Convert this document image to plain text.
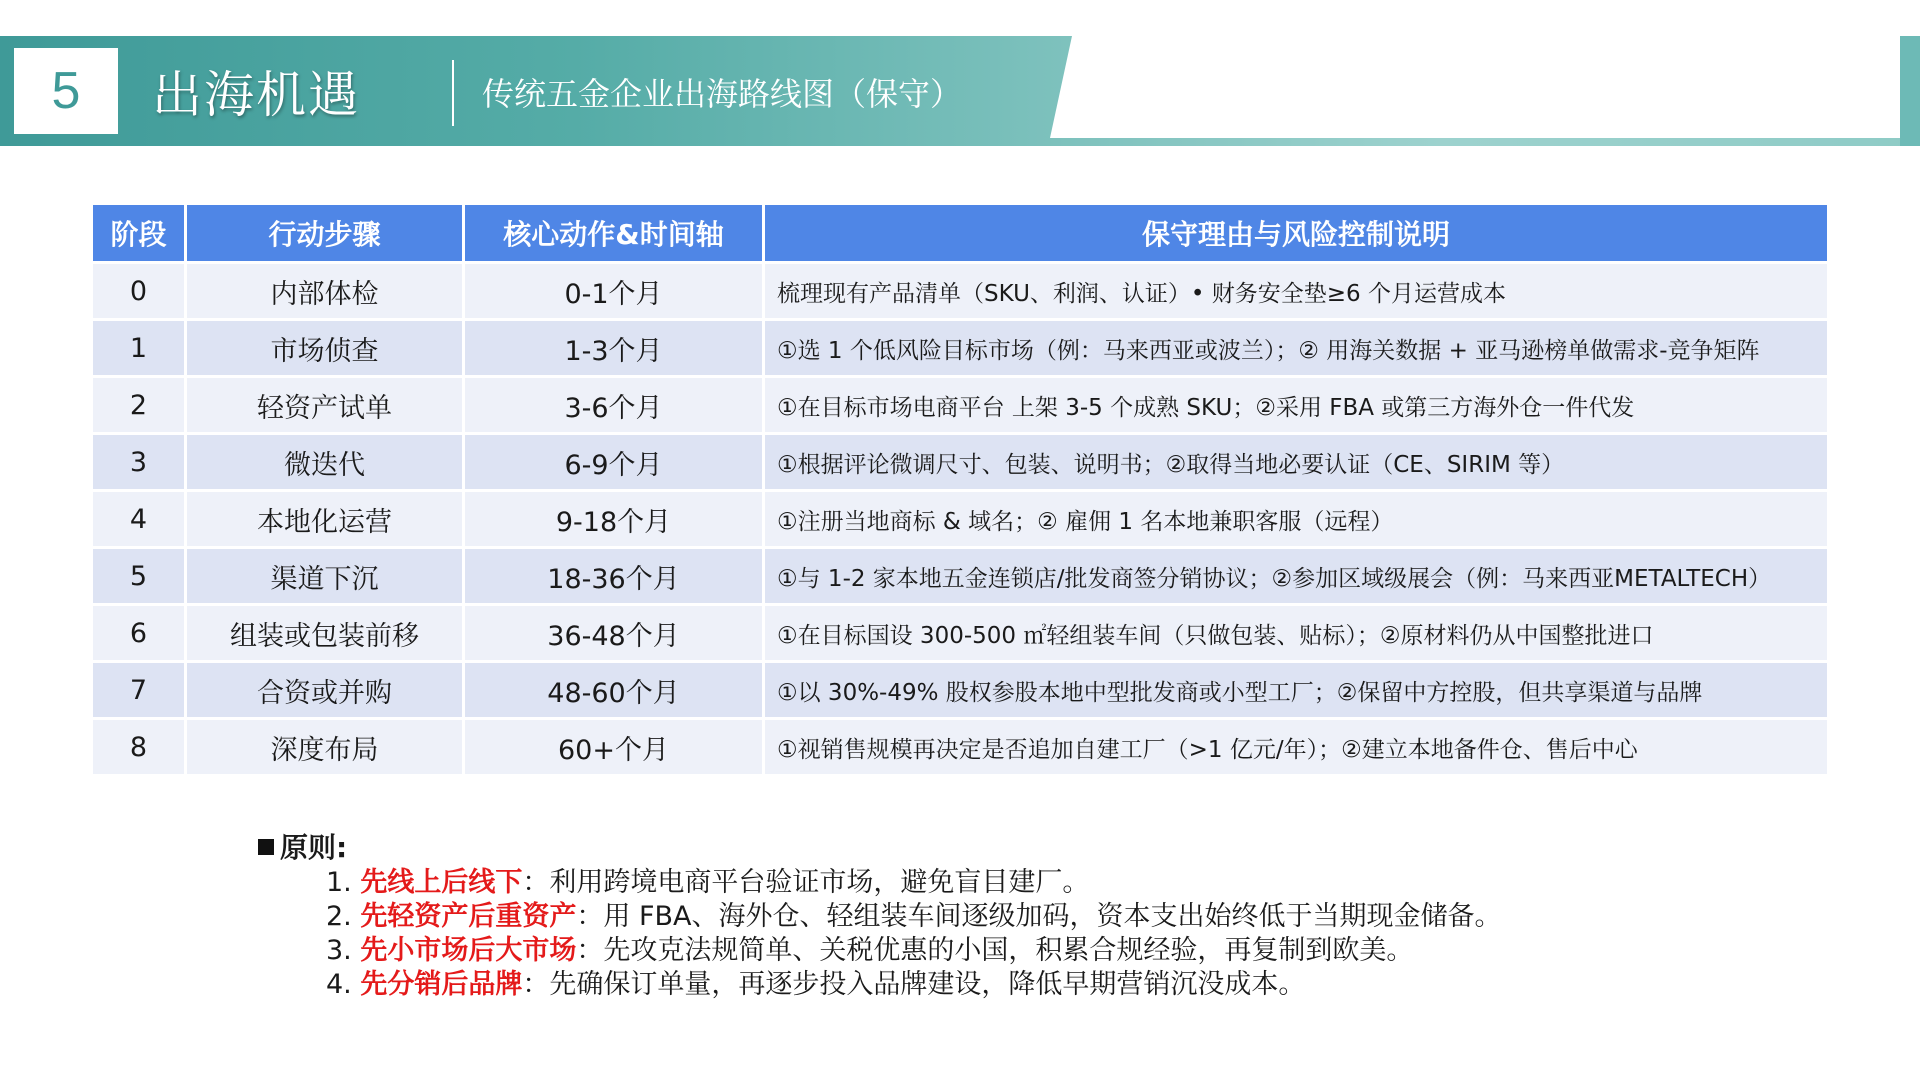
5	出海机遇	传统五金企业出海路线图（保守）
阶段	行动步骤	核心动作&时间轴	保守理由与风险控制说明
0	内部体检	0-1个月	梳理现有产品清单（SKU、利润、认证）• 财务安全垫≥6 个月运营成本
1	市场侦查	1-3个月	①选 1 个低风险目标市场（例：马来西亚或波兰）；② 用海关数据 + 亚马逊榜单做需求-竞争矩阵
2	轻资产试单	3-6个月	①在目标市场电商平台 上架 3-5 个成熟 SKU；②采用 FBA 或第三方海外仓一件代发
3	微迭代	6-9个月	①根据评论微调尺寸、包装、说明书；②取得当地必要认证（CE、SIRIM 等）
4	本地化运营	9-18个月	①注册当地商标 & 域名；② 雇佣 1 名本地兼职客服（远程）
5	渠道下沉	18-36个月	①与 1-2 家本地五金连锁店/批发商签分销协议；②参加区域级展会（例：马来西亚METALTECH）
6	组装或包装前移	36-48个月	①在目标国设 300-500 ㎡轻组装车间（只做包装、贴标）；②原材料仍从中国整批进口
7	合资或并购	48-60个月	①以 30%-49% 股权参股本地中型批发商或小型工厂；②保留中方控股，但共享渠道与品牌
8	深度布局	60+个月	①视销售规模再决定是否追加自建工厂（>1 亿元/年）；②建立本地备件仓、售后中心
原则:
1. 先线上后线下：利用跨境电商平台验证市场，避免盲目建厂。
2. 先轻资产后重资产：用 FBA、海外仓、轻组装车间逐级加码，资本支出始终低于当期现金储备。
3. 先小市场后大市场：先攻克法规简单、关税优惠的小国，积累合规经验，再复制到欧美。
4. 先分销后品牌：先确保订单量，再逐步投入品牌建设，降低早期营销沉没成本。
